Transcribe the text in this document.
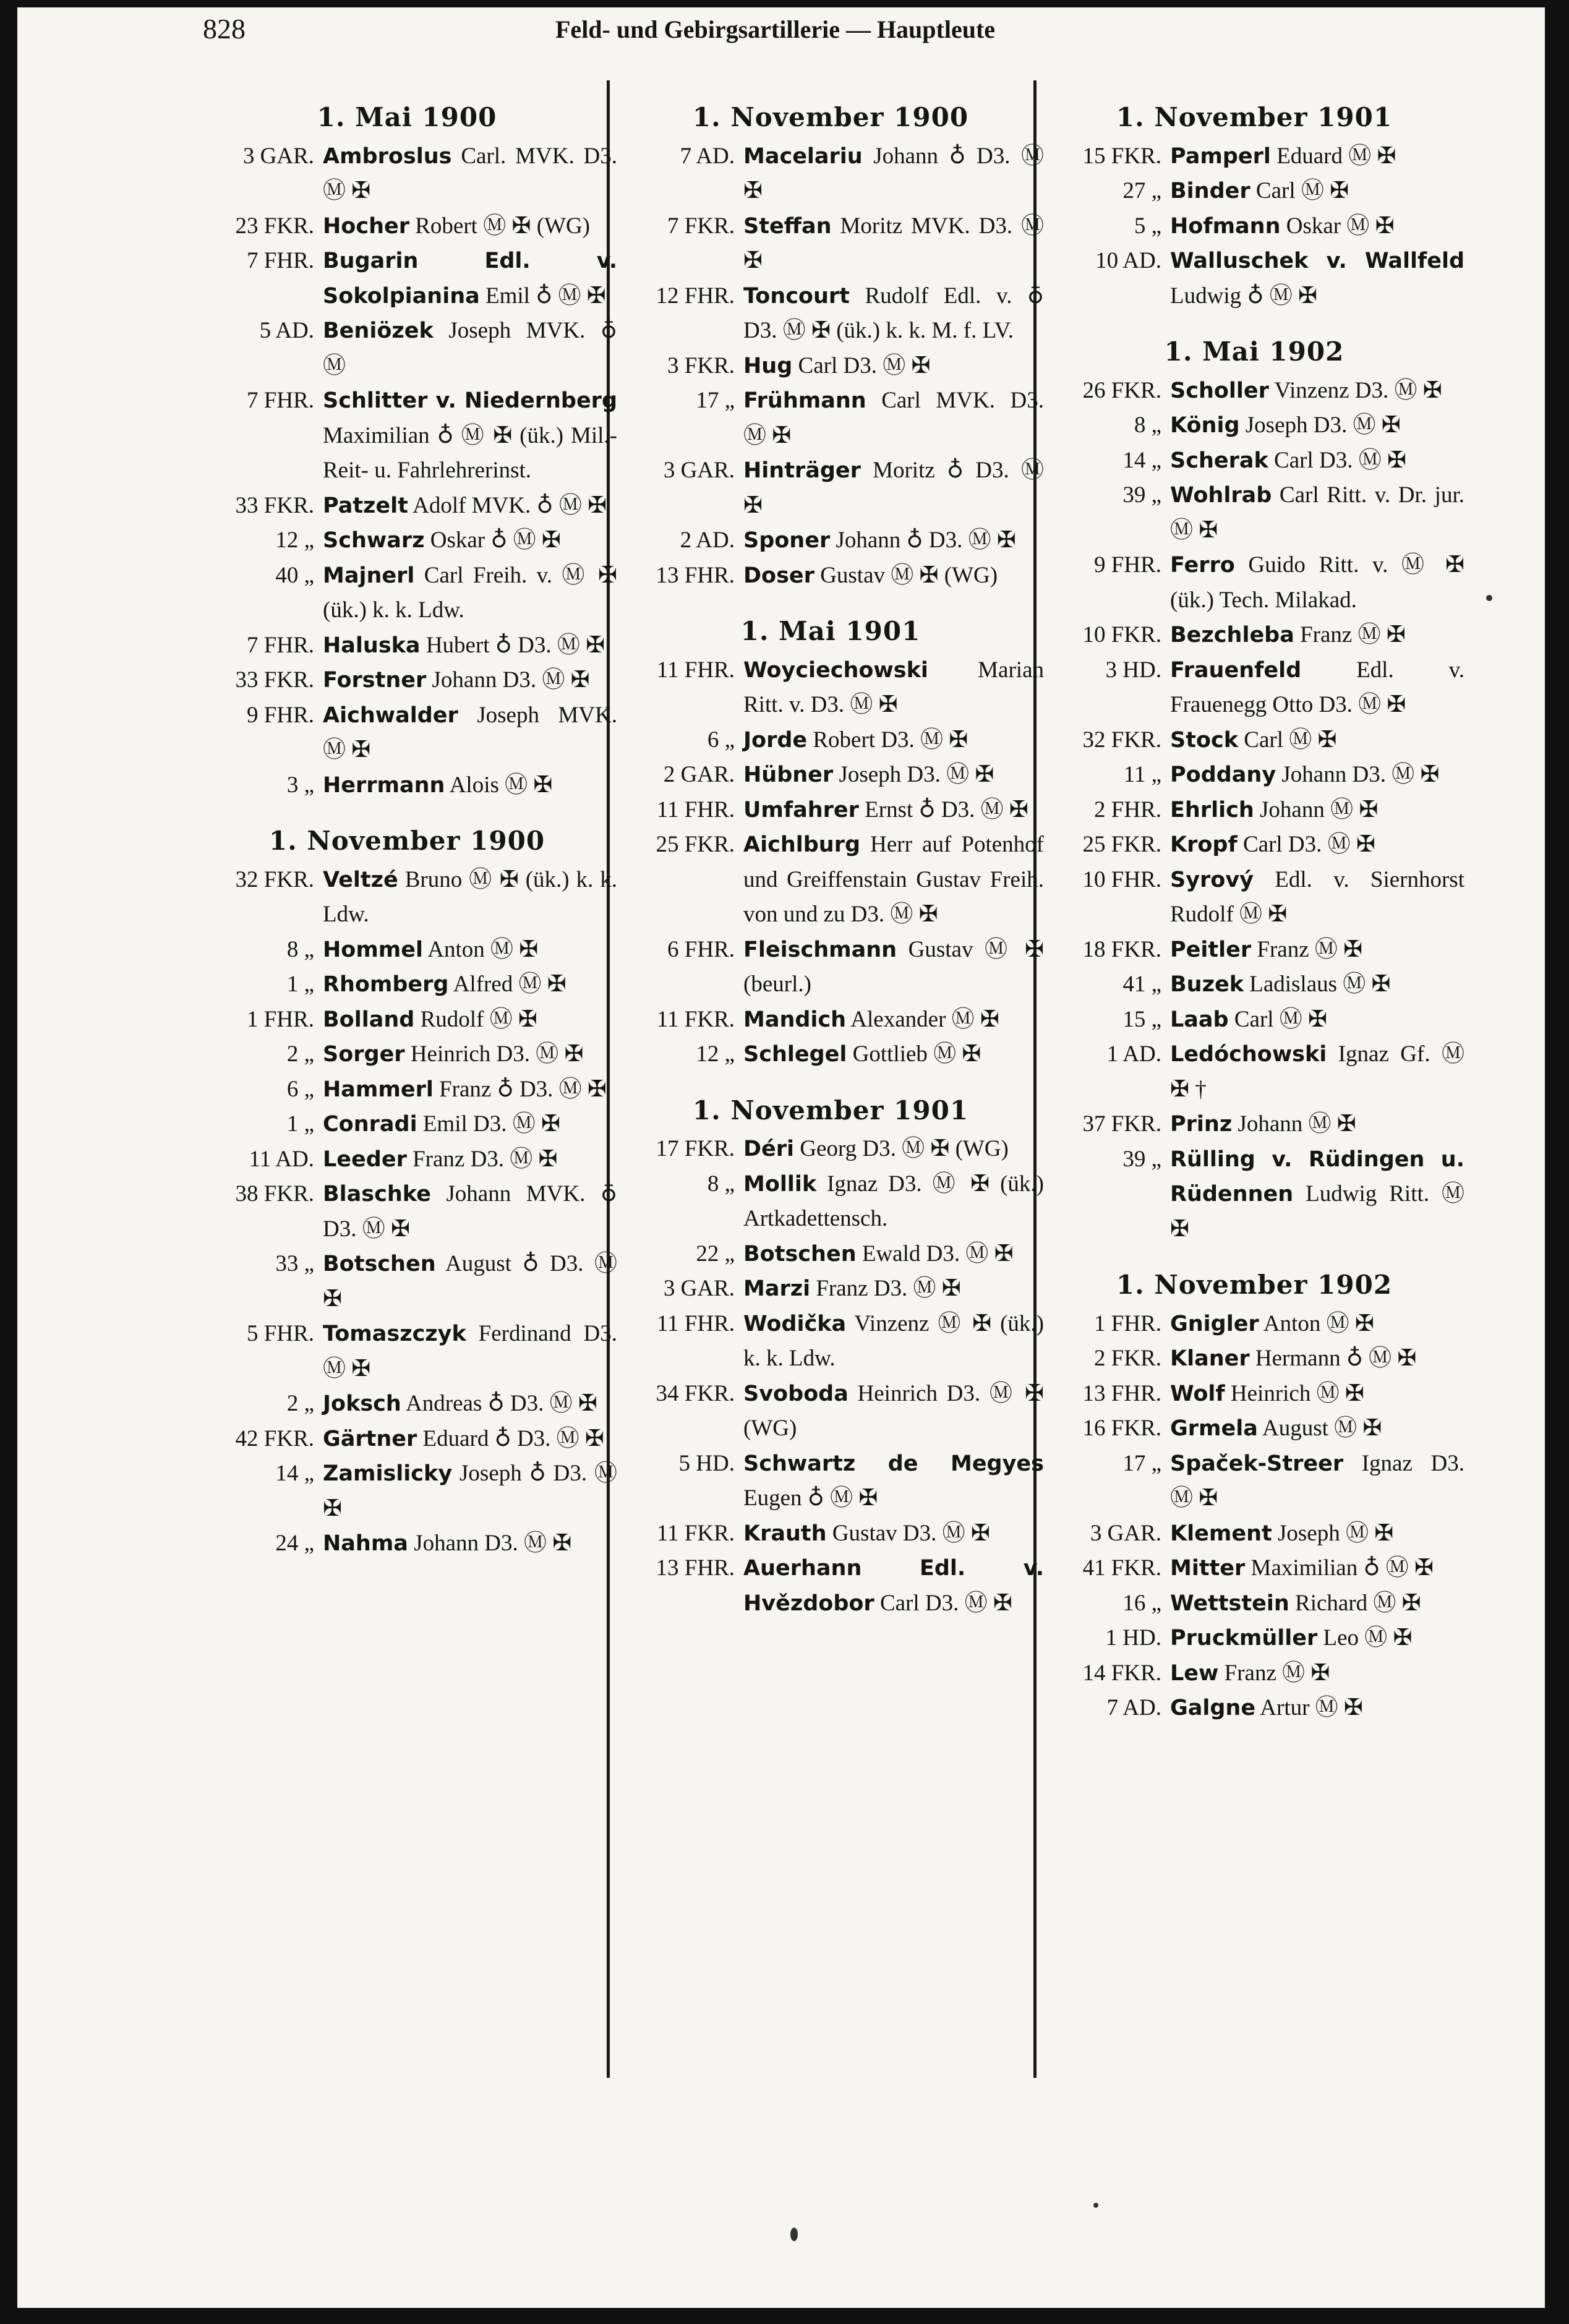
828	Feld- und Gebirgsartillerie — Hauptleute
1. Mai 1900
3 GAR. Ambroslus Carl. MVK. D3. Ⓜ ✠
23 FKR. Hocher Robert Ⓜ ✠ (WG)
7 FHR. Bugarin Edl. v. Sokolpianina Emil ♁ Ⓜ ✠
5 AD. Beniözek Joseph MVK. ♁ Ⓜ
7 FHR. Schlitter v. Niedernberg Maximilian ♁ Ⓜ ✠ (ük.) Mil.-Reit- u. Fahrlehrerinst.
33 FKR. Patzelt Adolf MVK. ♁ Ⓜ ✠
12 „ Schwarz Oskar ♁ Ⓜ ✠
40 „ Majnerl Carl Freih. v. Ⓜ ✠ (ük.) k. k. Ldw.
7 FHR. Haluska Hubert ♁ D3. Ⓜ ✠
33 FKR. Forstner Johann D3. Ⓜ ✠
9 FHR. Aichwalder Joseph MVK. Ⓜ ✠
3 „ Herrmann Alois Ⓜ ✠
1. November 1900
32 FKR. Veltzé Bruno Ⓜ ✠ (ük.) k. k. Ldw.
8 „ Hommel Anton Ⓜ ✠
1 „ Rhomberg Alfred Ⓜ ✠
1 FHR. Bolland Rudolf Ⓜ ✠
2 „ Sorger Heinrich D3. Ⓜ ✠
6 „ Hammerl Franz ♁ D3. Ⓜ ✠
1 „ Conradi Emil D3. Ⓜ ✠
11 AD. Leeder Franz D3. Ⓜ ✠
38 FKR. Blaschke Johann MVK. ♁ D3. Ⓜ ✠
33 „ Botschen August ♁ D3. Ⓜ ✠
5 FHR. Tomaszczyk Ferdinand D3. Ⓜ ✠
2 „ Joksch Andreas ♁ D3. Ⓜ ✠
42 FKR. Gärtner Eduard ♁ D3. Ⓜ ✠
14 „ Zamislicky Joseph ♁ D3. Ⓜ ✠
24 „ Nahma Johann D3. Ⓜ ✠
1. November 1900
7 AD. Macelariu Johann ♁ D3. Ⓜ ✠
7 FKR. Steffan Moritz MVK. D3. Ⓜ ✠
12 FHR. Toncourt Rudolf Edl. v. ♁ D3. Ⓜ ✠ (ük.) k. k. M. f. LV.
3 FKR. Hug Carl D3. Ⓜ ✠
17 „ Frühmann Carl MVK. D3. Ⓜ ✠
3 GAR. Hinträger Moritz ♁ D3. Ⓜ ✠
2 AD. Sponer Johann ♁ D3. Ⓜ ✠
13 FHR. Doser Gustav Ⓜ ✠ (WG)
1. Mai 1901
11 FHR. Woyciechowski Marian Ritt. v. D3. Ⓜ ✠
6 „ Jorde Robert D3. Ⓜ ✠
2 GAR. Hübner Joseph D3. Ⓜ ✠
11 FHR. Umfahrer Ernst ♁ D3. Ⓜ ✠
25 FKR. Aichlburg Herr auf Potenhof und Greiffenstain Gustav Freih. von und zu D3. Ⓜ ✠
6 FHR. Fleischmann Gustav Ⓜ ✠ (beurl.)
11 FKR. Mandich Alexander Ⓜ ✠
12 „ Schlegel Gottlieb Ⓜ ✠
1. November 1901
17 FKR. Déri Georg D3. Ⓜ ✠ (WG)
8 „ Mollik Ignaz D3. Ⓜ ✠ (ük.) Artkadettensch.
22 „ Botschen Ewald D3. Ⓜ ✠
3 GAR. Marzi Franz D3. Ⓜ ✠
11 FHR. Wodička Vinzenz Ⓜ ✠ (ük.) k. k. Ldw.
34 FKR. Svoboda Heinrich D3. Ⓜ ✠ (WG)
5 HD. Schwartz de Megyes Eugen ♁ Ⓜ ✠
11 FKR. Krauth Gustav D3. Ⓜ ✠
13 FHR. Auerhann Edl. v. Hvězdobor Carl D3. Ⓜ ✠
1. November 1901
15 FKR. Pamperl Eduard Ⓜ ✠
27 „ Binder Carl Ⓜ ✠
5 „ Hofmann Oskar Ⓜ ✠
10 AD. Walluschek v. Wallfeld Ludwig ♁ Ⓜ ✠
1. Mai 1902
26 FKR. Scholler Vinzenz D3. Ⓜ ✠
8 „ König Joseph D3. Ⓜ ✠
14 „ Scherak Carl D3. Ⓜ ✠
39 „ Wohlrab Carl Ritt. v. Dr. jur. Ⓜ ✠
9 FHR. Ferro Guido Ritt. v. Ⓜ ✠ (ük.) Tech. Milakad.
10 FKR. Bezchleba Franz Ⓜ ✠
3 HD. Frauenfeld Edl. v. Frauenegg Otto D3. Ⓜ ✠
32 FKR. Stock Carl Ⓜ ✠
11 „ Poddany Johann D3. Ⓜ ✠
2 FHR. Ehrlich Johann Ⓜ ✠
25 FKR. Kropf Carl D3. Ⓜ ✠
10 FHR. Syrový Edl. v. Siernhorst Rudolf Ⓜ ✠
18 FKR. Peitler Franz Ⓜ ✠
41 „ Buzek Ladislaus Ⓜ ✠
15 „ Laab Carl Ⓜ ✠
1 AD. Ledóchowski Ignaz Gf. Ⓜ ✠ †
37 FKR. Prinz Johann Ⓜ ✠
39 „ Rülling v. Rüdingen u. Rüdennen Ludwig Ritt. Ⓜ ✠
1. November 1902
1 FHR. Gnigler Anton Ⓜ ✠
2 FKR. Klaner Hermann ♁ Ⓜ ✠
13 FHR. Wolf Heinrich Ⓜ ✠
16 FKR. Grmela August Ⓜ ✠
17 „ Spaček-Streer Ignaz D3. Ⓜ ✠
3 GAR. Klement Joseph Ⓜ ✠
41 FKR. Mitter Maximilian ♁ Ⓜ ✠
16 „ Wettstein Richard Ⓜ ✠
1 HD. Pruckmüller Leo Ⓜ ✠
14 FKR. Lew Franz Ⓜ ✠
7 AD. Galgne Artur Ⓜ ✠
